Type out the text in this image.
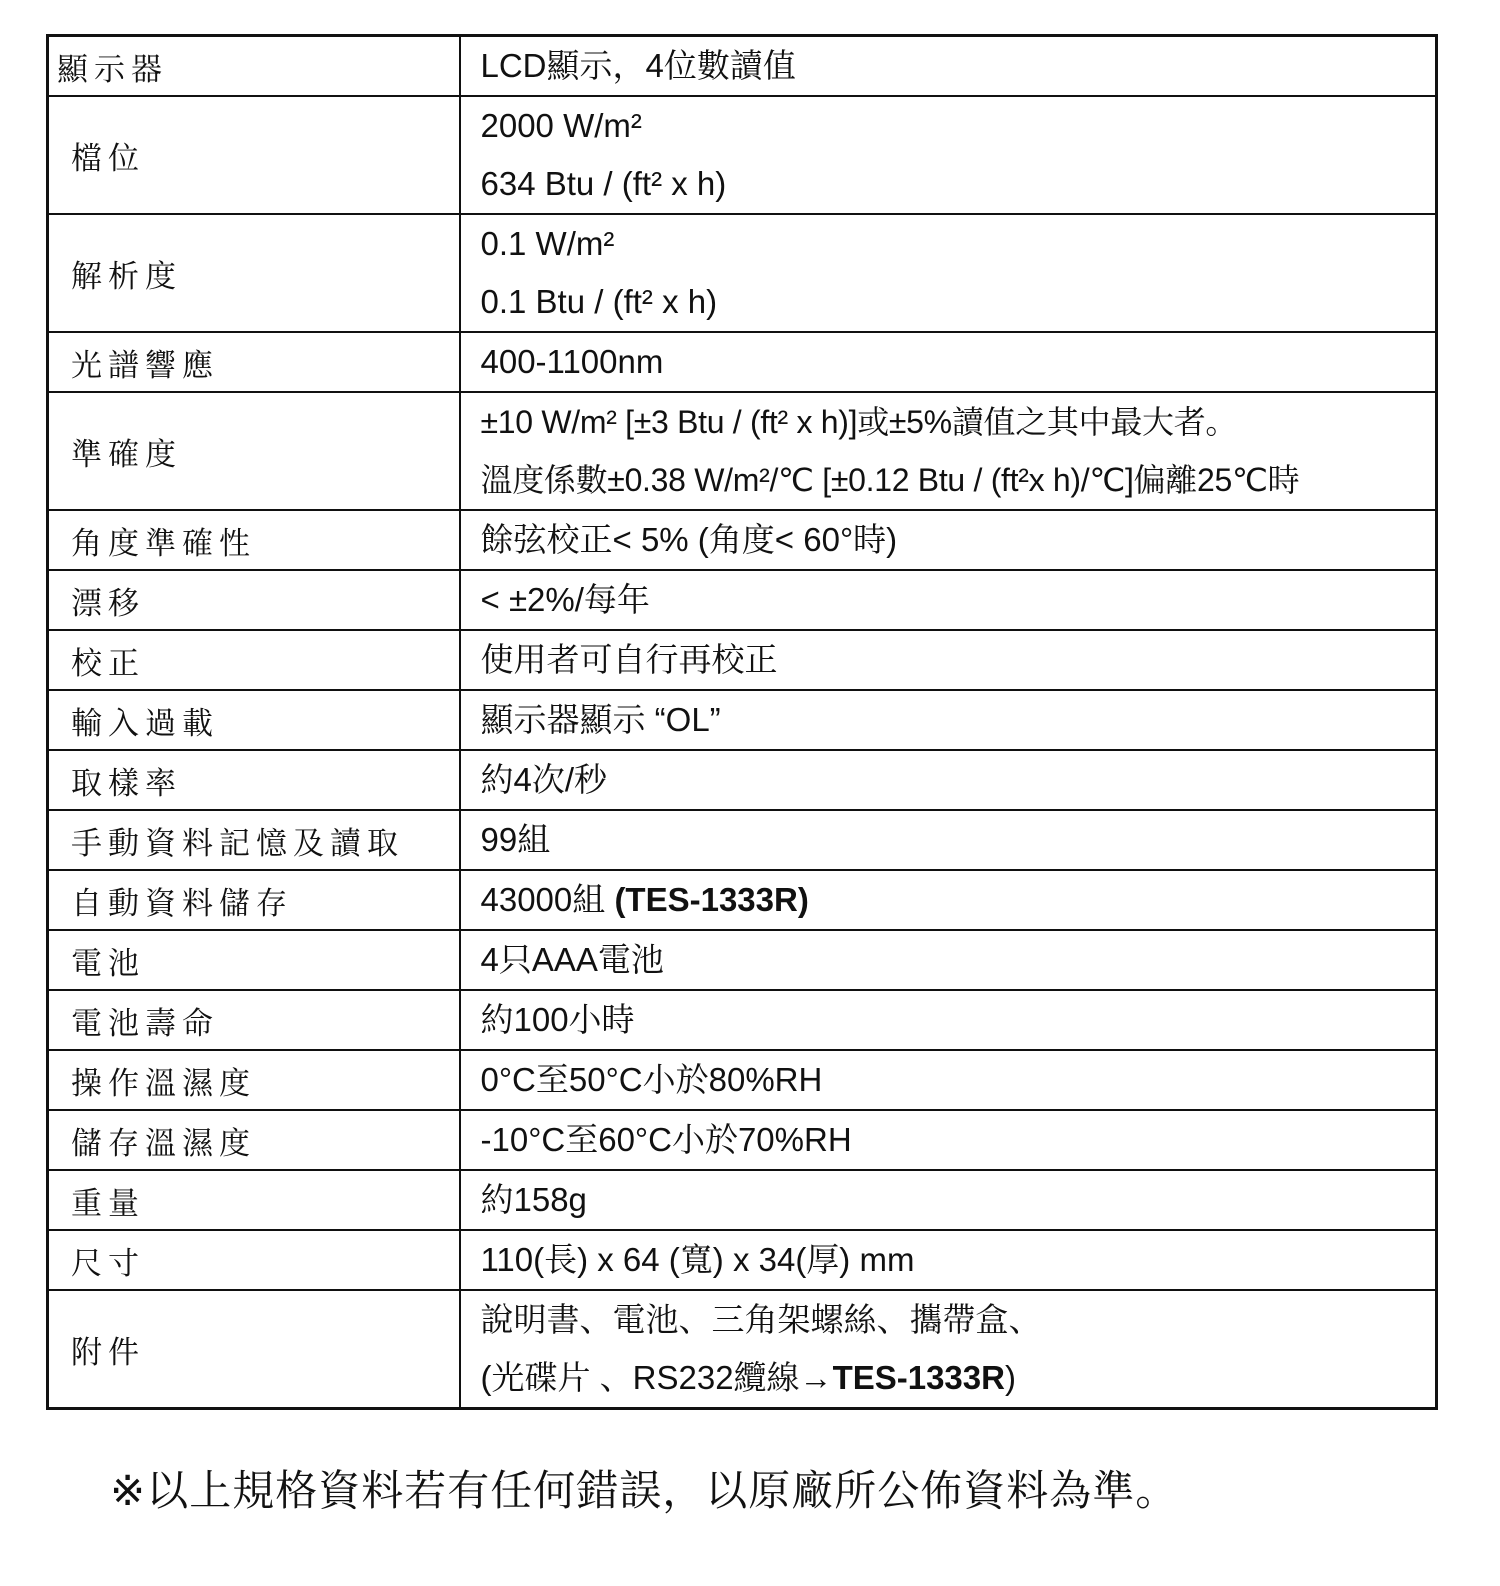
顯示器	LCD顯示，4位數讀值

檔位	2000 W/m²
634 Btu / (ft² x h)

解析度	0.1 W/m²
0.1 Btu / (ft² x h)

光譜響應	400-1100nm

準確度	±10 W/m² [±3 Btu / (ft² x h)]或±5%讀值之其中最大者。
溫度係數±0.38 W/m²/℃ [±0.12 Btu / (ft²x h)/℃]偏離25℃時

角度準確性	餘弦校正< 5% (角度< 60°時)

漂移	< ±2%/每年

校正	使用者可自行再校正

輸入過載	顯示器顯示 “OL”

取樣率	約4次/秒

手動資料記憶及讀取	99組

自動資料儲存	43000組 (TES-1333R)

電池	4只AAA電池

電池壽命	約100小時

操作溫濕度	0°C至50°C小於80%RH

儲存溫濕度	-10°C至60°C小於70%RH

重量	約158g

尺寸	110(長) x 64 (寬) x 34(厚) mm

附件	說明書、電池、三角架螺絲、攜帶盒、
(光碟片 、RS232纜線→TES-1333R)
※以上規格資料若有任何錯誤，以原廠所公佈資料為準。
